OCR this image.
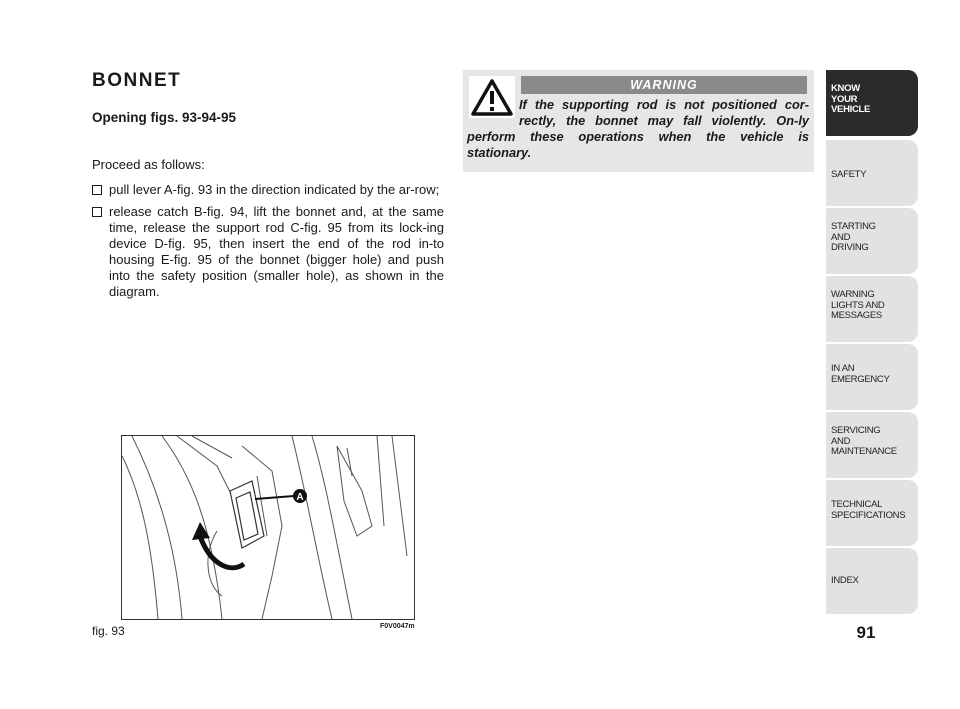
BONNET
Opening figs. 93-94-95

Proceed as follows:

pull lever A-fig. 93 in the direction indicated by the ar-row;
release catch B-fig. 94, lift the bonnet and, at the same time, release the support rod C-fig. 95 from its lock-ing device D-fig. 95, then insert the end of the rod in-to housing E-fig. 95 of the bonnet (bigger hole) and push into the safety position (smaller hole), as shown in the diagram.
WARNING
If the supporting rod is not positioned cor-rectly, the bonnet may fall violently. On-ly perform these operations when the vehicle is stationary.
A
fig. 93	F0V0047m
KNOW
YOUR
VEHICLE
SAFETY
STARTING
AND
DRIVING
WARNING
LIGHTS AND
MESSAGES
IN AN
EMERGENCY
SERVICING
AND
MAINTENANCE
TECHNICAL
SPECIFICATIONS
INDEX
91
